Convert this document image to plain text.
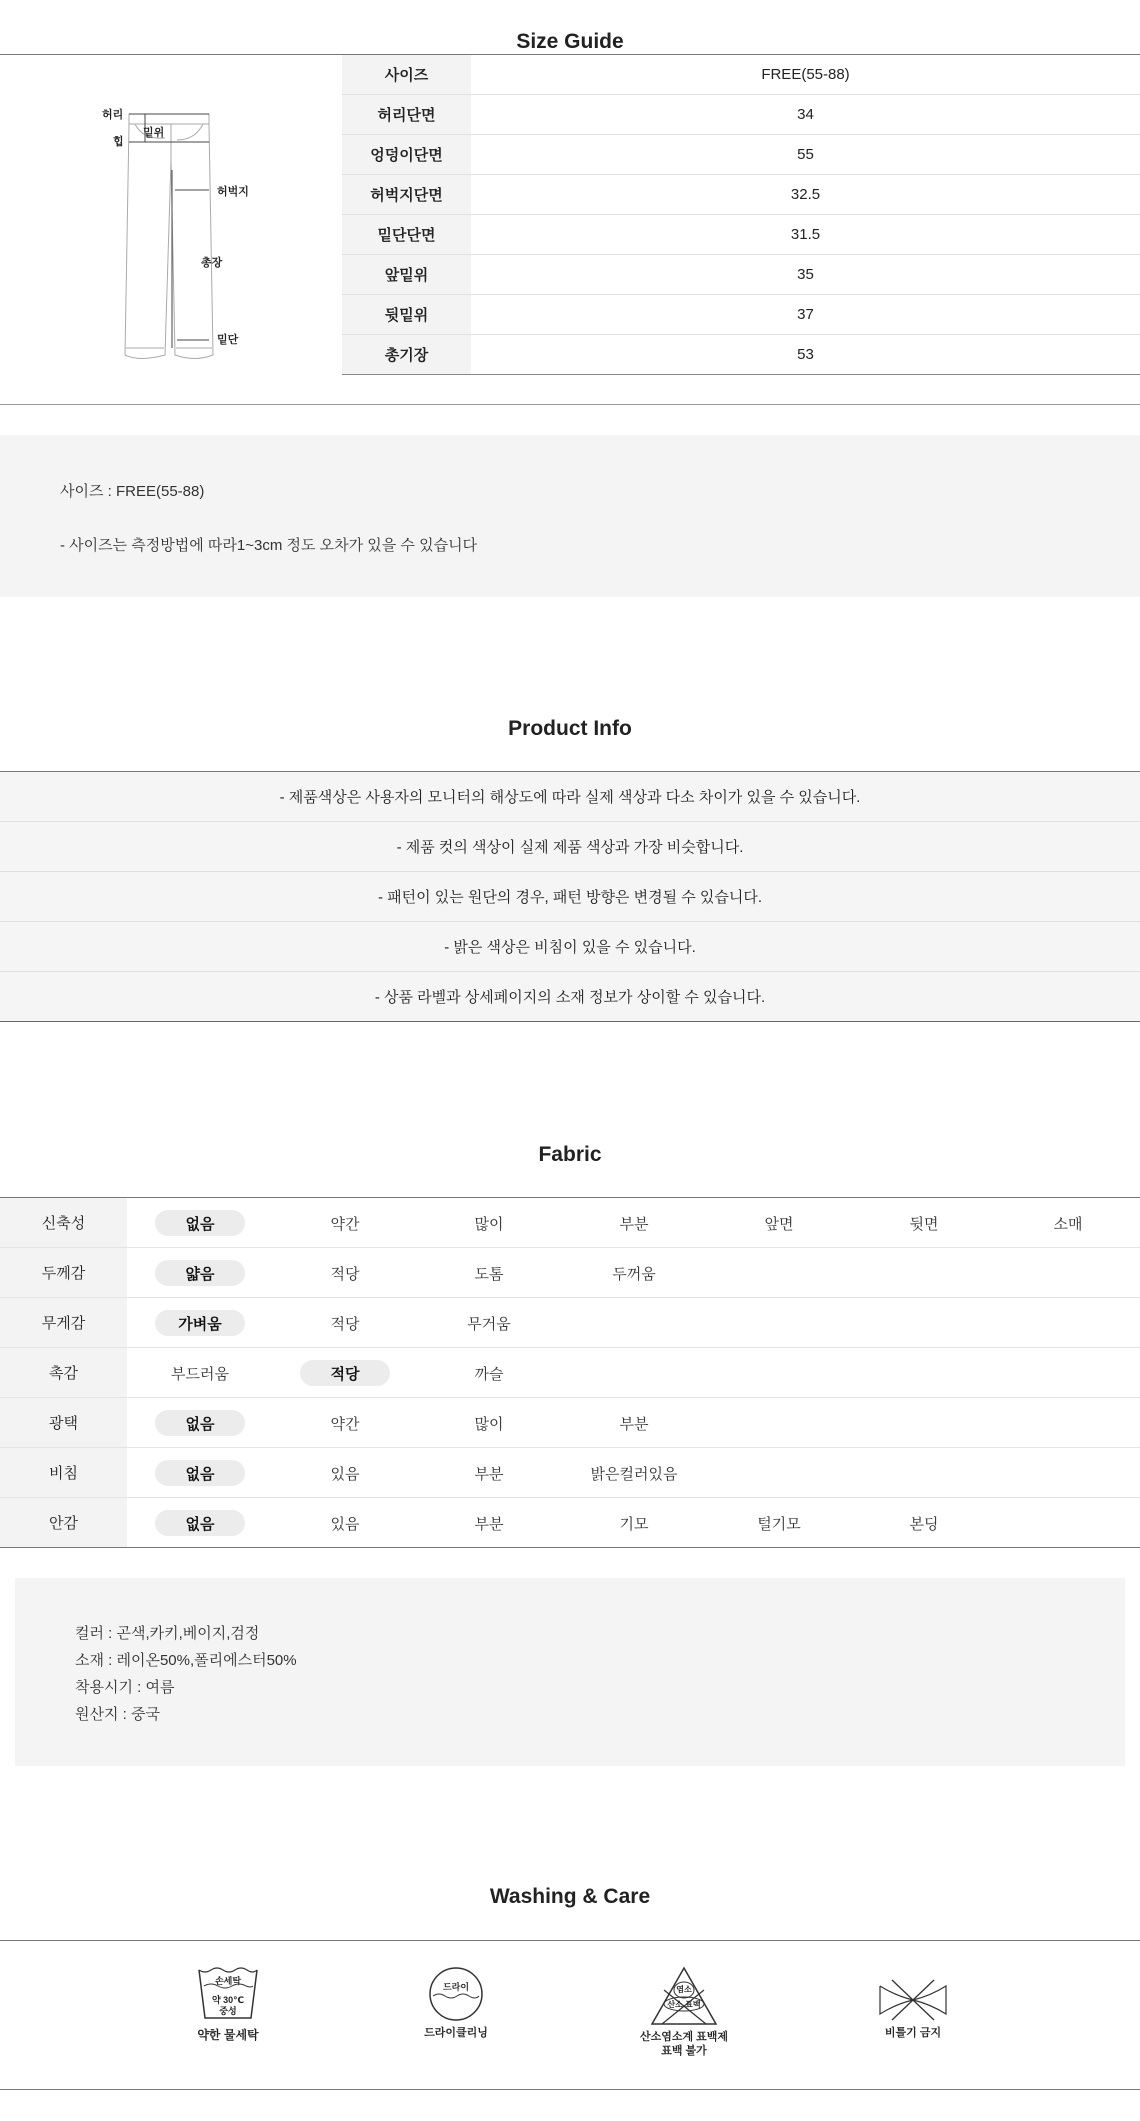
Size Guide
허리
힙
밑위
허벅지
총장
밑단
사이즈	FREE(55-88)
허리단면	34
엉덩이단면	55
허벅지단면	32.5
밑단단면	31.5
앞밑위	35
뒷밑위	37
총기장	53
사이즈 : FREE(55-88)
- 사이즈는 측정방법에 따라1~3cm 정도 오차가 있을 수 있습니다
Product Info
- 제품색상은 사용자의 모니터의 해상도에 따라 실제 색상과 다소 차이가 있을 수 있습니다.
- 제품 컷의 색상이 실제 제품 색상과 가장 비슷합니다.
- 패턴이 있는 원단의 경우, 패턴 방향은 변경될 수 있습니다.
- 밝은 색상은 비침이 있을 수 있습니다.
- 상품 라벨과 상세페이지의 소재 정보가 상이할 수 있습니다.
Fabric
신축성	없음	약간	많이	부분	앞면	뒷면	소매
두께감	얇음	적당	도톰	두꺼움
무게감	가벼움	적당	무거움
촉감	부드러움	적당	까슬
광택	없음	약간	많이	부분
비침	없음	있음	부분	밝은컬러있음
안감	없음	있음	부분	기모	털기모	본딩
컬러 : 곤색,카키,베이지,검정
소재 : 레이온50%,폴리에스터50%
착용시기 : 여름
원산지 : 중국
Washing & Care
손세탁
약 30℃
중성
약한 물세탁
드라이
드라이클리닝
염소
산소 표백
산소염소계 표백제
표백 불가
비틀기 금지
